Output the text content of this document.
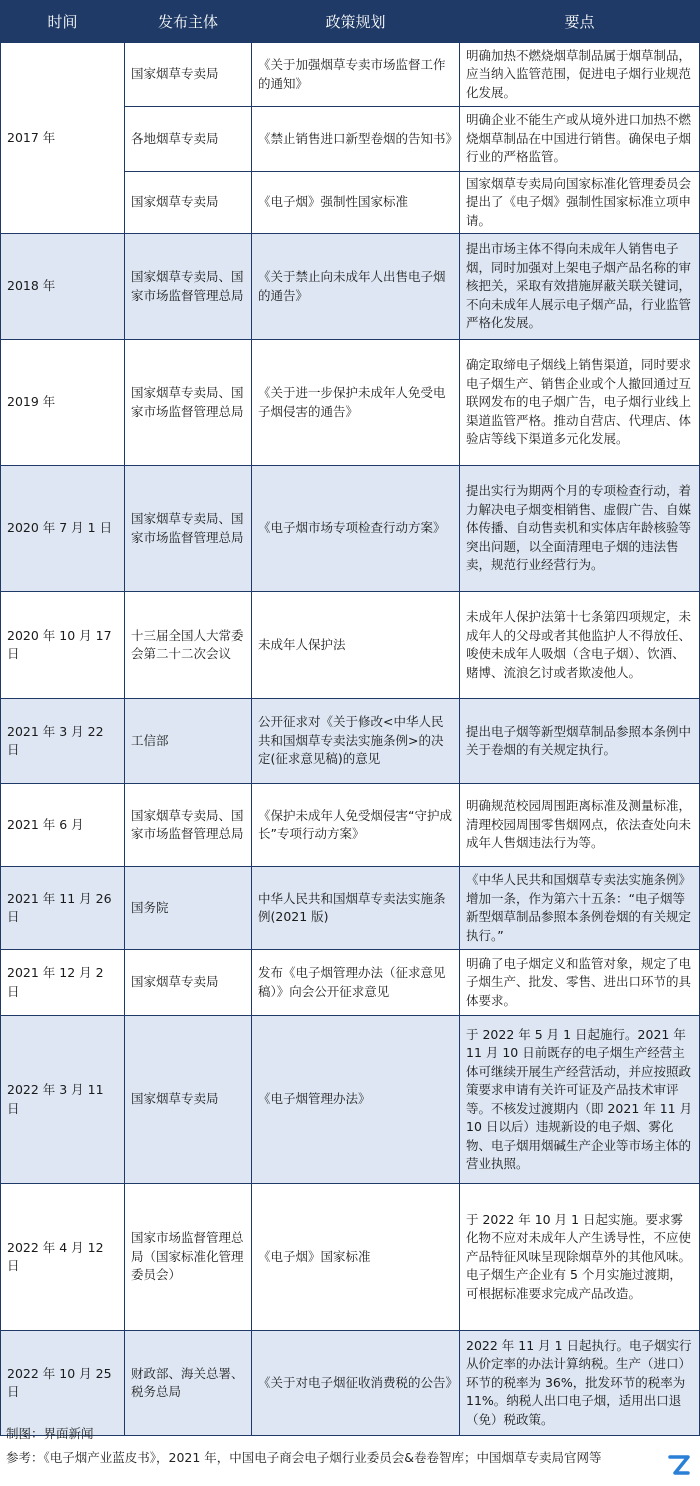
时间	发布主体	政策规划	要点
2017 年	国家烟草专卖局	《关于加强烟草专卖市场监督工作的通知》	明确加热不燃烧烟草制品属于烟草制品，应当纳入监管范围，促进电子烟行业规范化发展。
	各地烟草专卖局	《禁止销售进口新型卷烟的告知书》	明确企业不能生产或从境外进口加热不燃烧烟草制品在中国进行销售。确保电子烟行业的严格监管。
	国家烟草专卖局	《电子烟》强制性国家标准	国家烟草专卖局向国家标准化管理委员会提出了《电子烟》强制性国家标准立项申请。
2018 年	国家烟草专卖局、国家市场监督管理总局	《关于禁止向未成年人出售电子烟的通告》	提出市场主体不得向未成年人销售电子烟，同时加强对上架电子烟产品名称的审核把关，采取有效措施屏蔽关联关键词，不向未成年人展示电子烟产品，行业监管严格化发展。
2019 年	国家烟草专卖局、国家市场监督管理总局	《关于进一步保护未成年人免受电子烟侵害的通告》	确定取缔电子烟线上销售渠道，同时要求电子烟生产、销售企业或个人撤回通过互联网发布的电子烟广告，电子烟行业线上渠道监管严格。推动自营店、代理店、体验店等线下渠道多元化发展。
2020 年 7 月 1 日	国家烟草专卖局、国家市场监督管理总局	《电子烟市场专项检查行动方案》	提出实行为期两个月的专项检查行动，着力解决电子烟变相销售、虚假广告、自媒体传播、自动售卖机和实体店年龄核验等突出问题，以全面清理电子烟的违法售卖，规范行业经营行为。
2020 年 10 月 17 日	十三届全国人大常委会第二十二次会议	未成年人保护法	未成年人保护法第十七条第四项规定，未成年人的父母或者其他监护人不得放任、唆使未成年人吸烟（含电子烟）、饮酒、赌博、流浪乞讨或者欺凌他人。
2021 年 3 月 22 日	工信部	公开征求对《关于修改<中华人民共和国烟草专卖法实施条例>的决定(征求意见稿)的意见	提出电子烟等新型烟草制品参照本条例中关于卷烟的有关规定执行。
2021 年 6 月	国家烟草专卖局、国家市场监督管理总局	《保护未成年人免受烟侵害“守护成长”专项行动方案》	明确规范校园周围距离标准及测量标准，清理校园周围零售烟网点，依法查处向未成年人售烟违法行为等。
2021 年 11 月 26 日	国务院	中华人民共和国烟草专卖法实施条例(2021 版)	《中华人民共和国烟草专卖法实施条例》增加一条，作为第六十五条：“电子烟等新型烟草制品参照本条例卷烟的有关规定执行。”
2021 年 12 月 2 日	国家烟草专卖局	发布《电子烟管理办法（征求意见稿）》向会公开征求意见	明确了电子烟定义和监管对象，规定了电子烟生产、批发、零售、进出口环节的具体要求。
2022 年 3 月 11 日	国家烟草专卖局	《电子烟管理办法》	于 2022 年 5 月 1 日起施行。2021 年 11 月 10 日前既存的电子烟生产经营主体可继续开展生产经营活动，并应按照政策要求申请有关许可证及产品技术审评等。不核发过渡期内（即 2021 年 11 月 10 日以后）违规新设的电子烟、雾化物、电子烟用烟碱生产企业等市场主体的营业执照。
2022 年 4 月 12 日	国家市场监督管理总局（国家标准化管理委员会）	《电子烟》国家标准	于 2022 年 10 月 1 日起实施。要求雾化物不应对未成年人产生诱导性，不应使产品特征风味呈现除烟草外的其他风味。电子烟生产企业有 5 个月实施过渡期，可根据标准要求完成产品改造。
2022 年 10 月 25 日	财政部、海关总署、税务总局	《关于对电子烟征收消费税的公告》	2022 年 11 月 1 日起执行。电子烟实行从价定率的办法计算纳税。生产（进口）环节的税率为 36%，批发环节的税率为 11%。纳税人出口电子烟，适用出口退（免）税政策。
制图：界面新闻
参考：《电子烟产业蓝皮书》，2021 年，中国电子商会电子烟行业委员会&卷卷智库；中国烟草专卖局官网等
